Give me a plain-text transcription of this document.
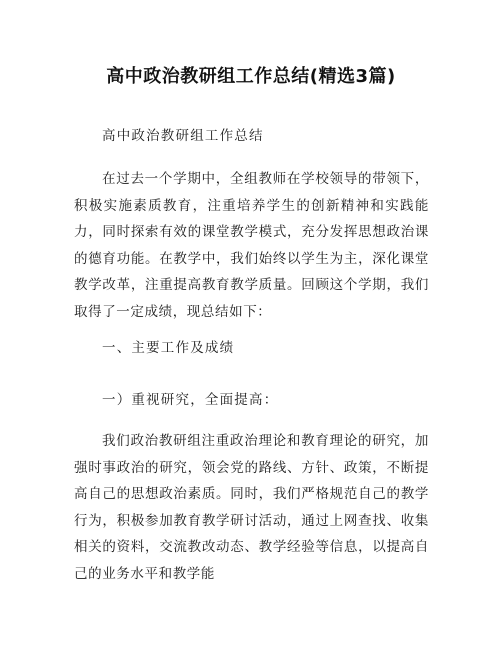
高中政治教研组工作总结(精选3篇)

高中政治教研组工作总结

在过去一个学期中，全组教师在学校领导的带领下，积极实施素质教育，注重培养学生的创新精神和实践能力，同时探索有效的课堂教学模式，充分发挥思想政治课的德育功能。在教学中，我们始终以学生为主，深化课堂教学改革，注重提高教育教学质量。回顾这个学期，我们取得了一定成绩，现总结如下：

一、主要工作及成绩

一）重视研究，全面提高：

我们政治教研组注重政治理论和教育理论的研究，加强时事政治的研究，领会党的路线、方针、政策，不断提高自己的思想政治素质。同时，我们严格规范自己的教学行为，积极参加教育教学研讨活动，通过上网查找、收集相关的资料，交流教改动态、教学经验等信息，以提高自己的业务水平和教学能
